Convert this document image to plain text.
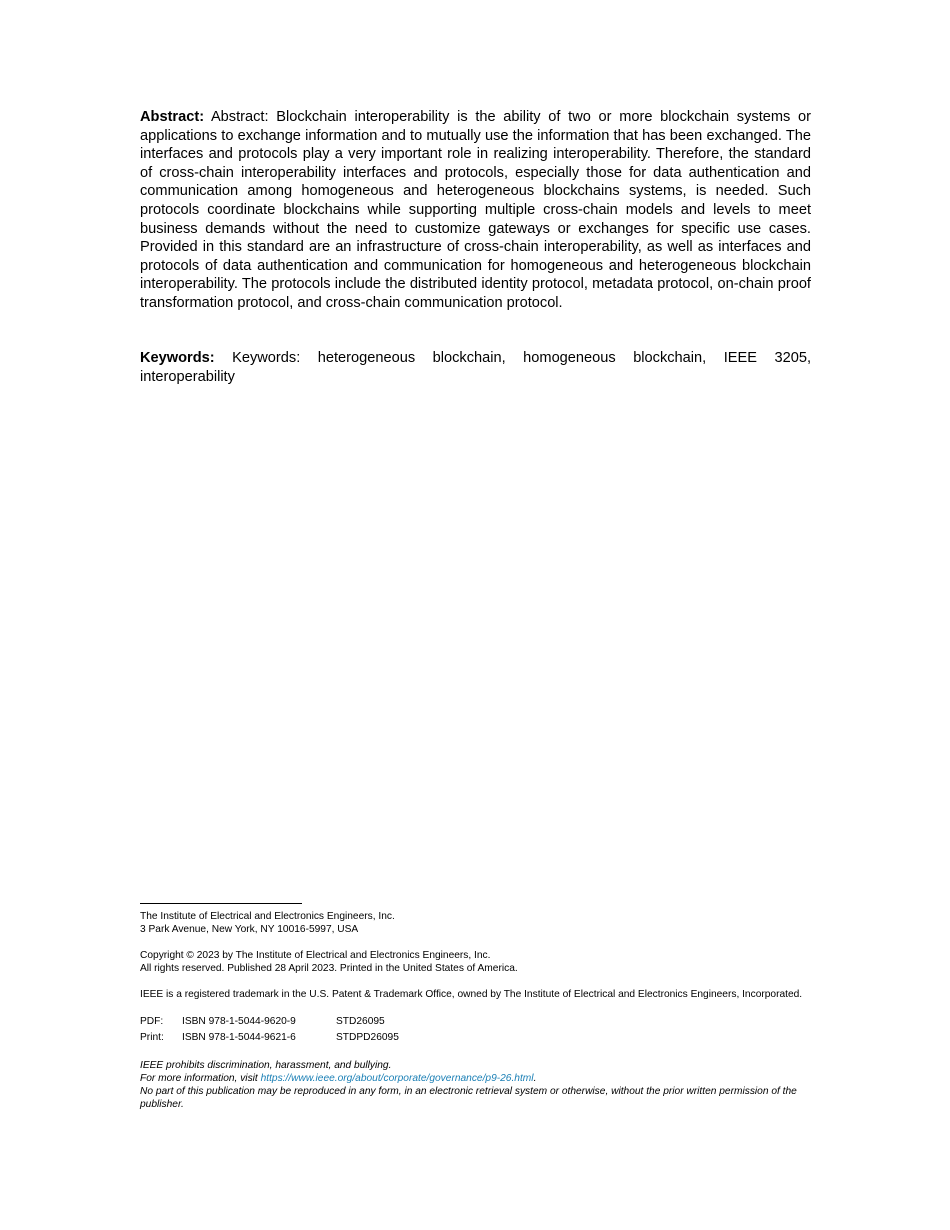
Abstract: Abstract: Blockchain interoperability is the ability of two or more blockchain systems or applications to exchange information and to mutually use the information that has been exchanged. The interfaces and protocols play a very important role in realizing interoperability. Therefore, the standard of cross-chain interoperability interfaces and protocols, especially those for data authentication and communication among homogeneous and heterogeneous blockchains systems, is needed. Such protocols coordinate blockchains while supporting multiple cross-chain models and levels to meet business demands without the need to customize gateways or exchanges for specific use cases. Provided in this standard are an infrastructure of cross-chain interoperability, as well as interfaces and protocols of data authentication and communication for homogeneous and heterogeneous blockchain interoperability. The protocols include the distributed identity protocol, metadata protocol, on-chain proof transformation protocol, and cross-chain communication protocol.

Keywords: Keywords: heterogeneous blockchain, homogeneous blockchain, IEEE 3205, interoperability

The Institute of Electrical and Electronics Engineers, Inc.
3 Park Avenue, New York, NY 10016-5997, USA
Copyright © 2023 by The Institute of Electrical and Electronics Engineers, Inc.
All rights reserved. Published 28 April 2023. Printed in the United States of America.
IEEE is a registered trademark in the U.S. Patent & Trademark Office, owned by The Institute of Electrical and Electronics Engineers, Incorporated.
PDF:	ISBN 978-1-5044-9620-9	STD26095
Print:	ISBN 978-1-5044-9621-6	STDPD26095
IEEE prohibits discrimination, harassment, and bullying.
For more information, visit https://www.ieee.org/about/corporate/governance/p9-26.html.
No part of this publication may be reproduced in any form, in an electronic retrieval system or otherwise, without the prior written permission of the publisher.
